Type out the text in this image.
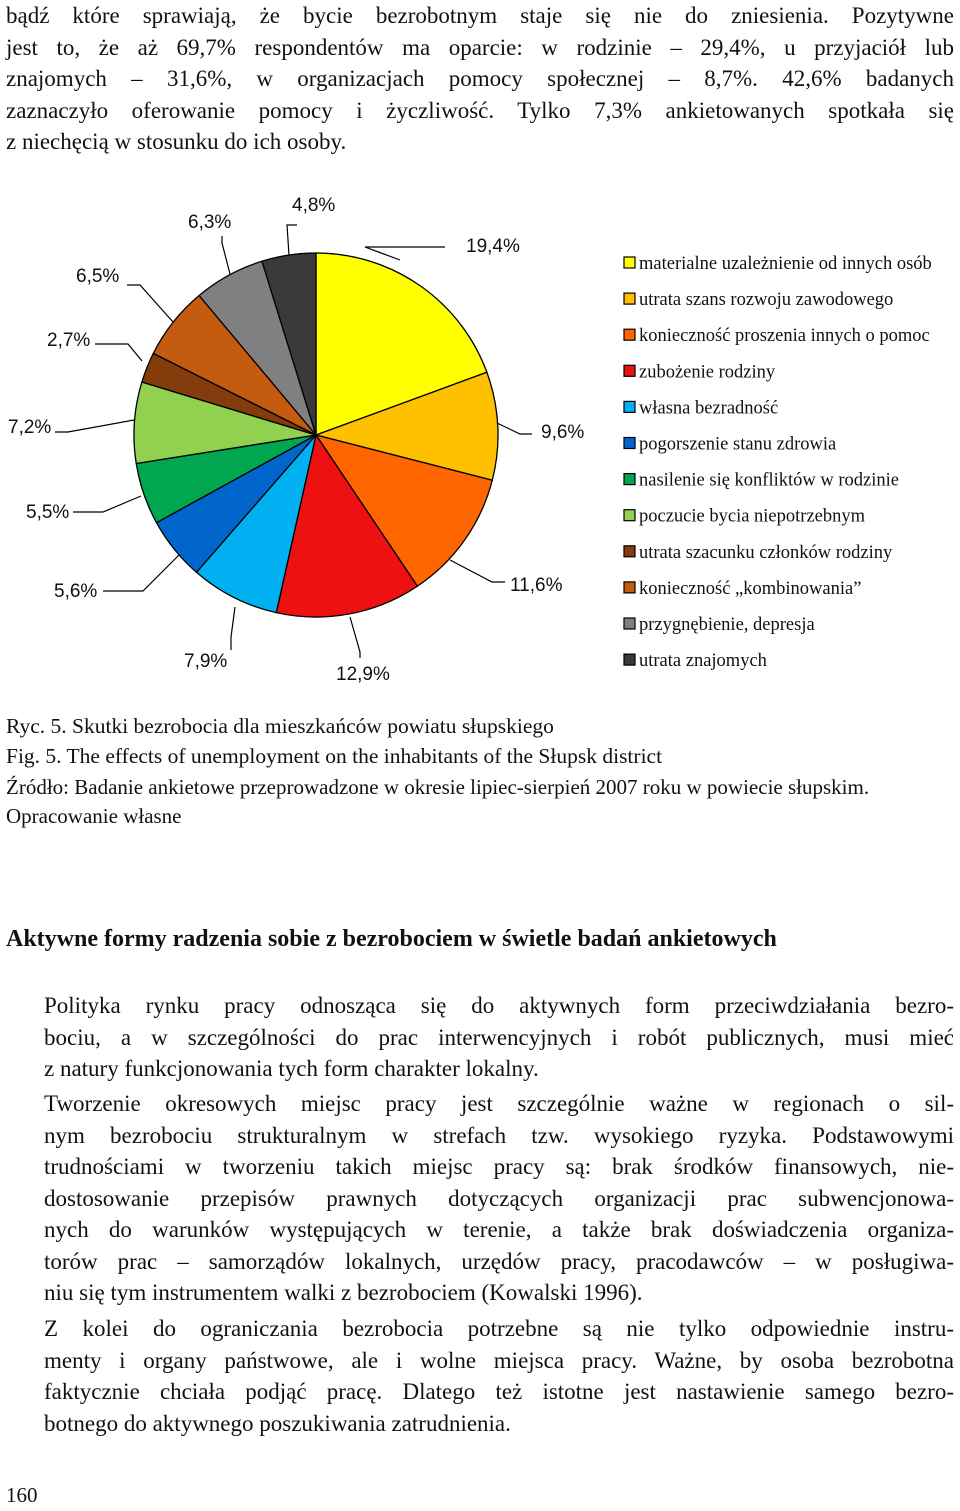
bądź które sprawiają, że bycie bezrobotnym staje się nie do zniesienia. Pozytywne
jest to, że aż 69,7% respondentów ma oparcie: w rodzinie – 29,4%, u przyjaciół lub
znajomych – 31,6%, w organizacjach pomocy społecznej – 8,7%. 42,6% badanych
zaznaczyło oferowanie pomocy i życzliwość. Tylko 7,3% ankietowanych spotkała się
z niechęcią w stosunku do ich osoby.

19,4%
9,6%
11,6%
12,9%
7,9%
5,6%
5,5%
7,2%
2,7%
6,5%
6,3%
4,8%
materialne uzależnienie od innych osób
utrata szans rozwoju zawodowego
konieczność proszenia innych o pomoc
zubożenie rodziny
własna bezradność
pogorszenie stanu zdrowia
nasilenie się konfliktów w rodzinie
poczucie bycia niepotrzebnym
utrata szacunku członków rodziny
konieczność „kombinowania”
przygnębienie, depresja
utrata znajomych

Ryc. 5. Skutki bezrobocia dla mieszkańców powiatu słupskiego

Fig. 5. The effects of unemployment on the inhabitants of the Słupsk district

Źródło: Badanie ankietowe przeprowadzone w okresie lipiec-sierpień 2007 roku w powiecie słupskim. Opracowanie własne

Aktywne formy radzenia sobie z bezrobociem w świetle badań ankietowych

Polityka rynku pracy odnosząca się do aktywnych form przeciwdziałania bezro-
bociu, a w szczególności do prac interwencyjnych i robót publicznych, musi mieć
z natury funkcjonowania tych form charakter lokalny.

Tworzenie okresowych miejsc pracy jest szczególnie ważne w regionach o sil-
nym bezrobociu strukturalnym w strefach tzw. wysokiego ryzyka. Podstawowymi
trudnościami w tworzeniu takich miejsc pracy są: brak środków finansowych, nie-
dostosowanie przepisów prawnych dotyczących organizacji prac subwencjonowa-
nych do warunków występujących w terenie, a także brak doświadczenia organiza-
torów prac – samorządów lokalnych, urzędów pracy, pracodawców – w posługiwa-
niu się tym instrumentem walki z bezrobociem (Kowalski 1996).

Z kolei do ograniczania bezrobocia potrzebne są nie tylko odpowiednie instru-
menty i organy państwowe, ale i wolne miejsca pracy. Ważne, by osoba bezrobotna
faktycznie chciała podjąć pracę. Dlatego też istotne jest nastawienie samego bezro-
botnego do aktywnego poszukiwania zatrudnienia.

160
